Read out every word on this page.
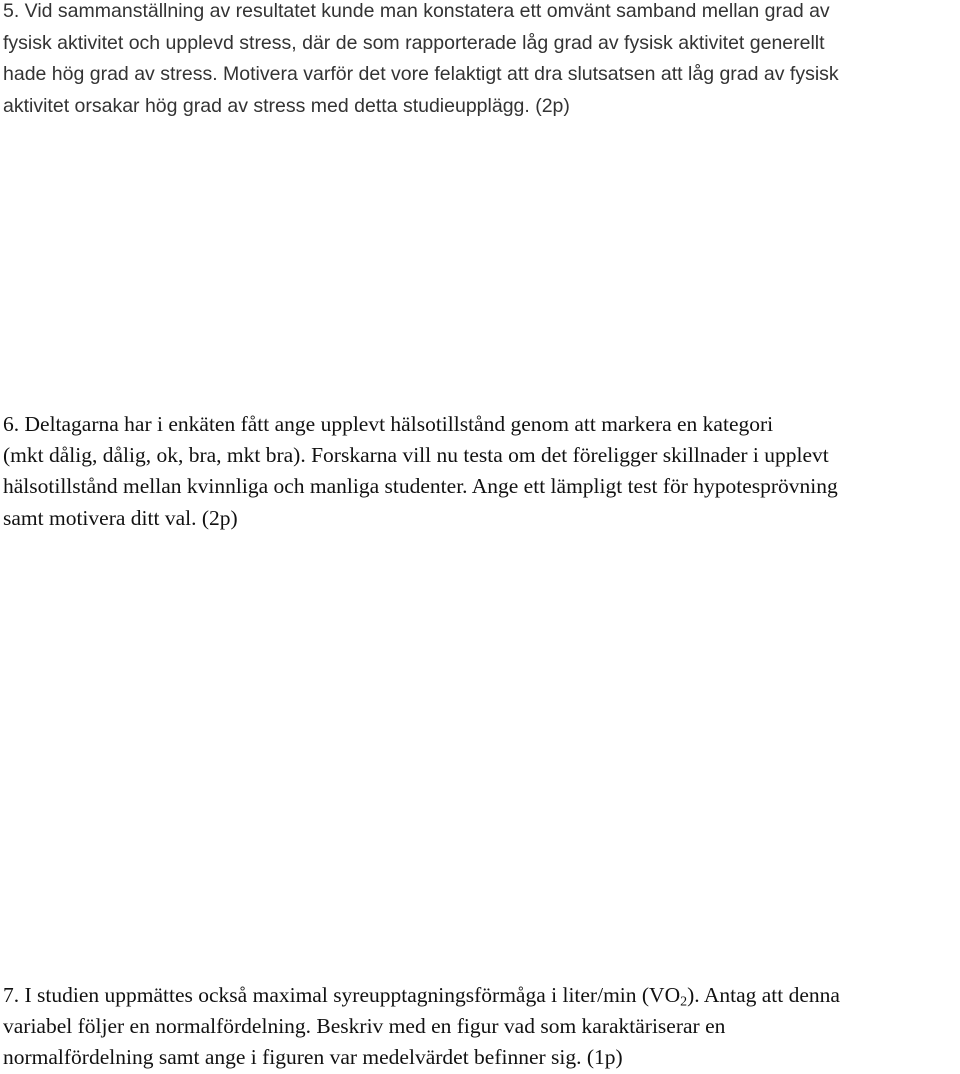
5. Vid sammanställning av resultatet kunde man konstatera ett omvänt samband mellan grad av
fysisk aktivitet och upplevd stress, där de som rapporterade låg grad av fysisk aktivitet generellt
hade hög grad av stress. Motivera varför det vore felaktigt att dra slutsatsen att låg grad av fysisk
aktivitet orsakar hög grad av stress med detta studieupplägg. (2p)
6. Deltagarna har i enkäten fått ange upplevt hälsotillstånd genom att markera en kategori
(mkt dålig, dålig, ok, bra, mkt bra). Forskarna vill nu testa om det föreligger skillnader i upplevt
hälsotillstånd mellan kvinnliga och manliga studenter. Ange ett lämpligt test för hypotesprövning
samt motivera ditt val. (2p)
7. I studien uppmättes också maximal syreupptagningsförmåga i liter/min $(VO_2)$. Antag att denna
variabel följer en normalfördelning. Beskriv med en figur vad som karaktäriserar en
normalfördelning samt ange i figuren var medelvärdet befinner sig. (1p)
